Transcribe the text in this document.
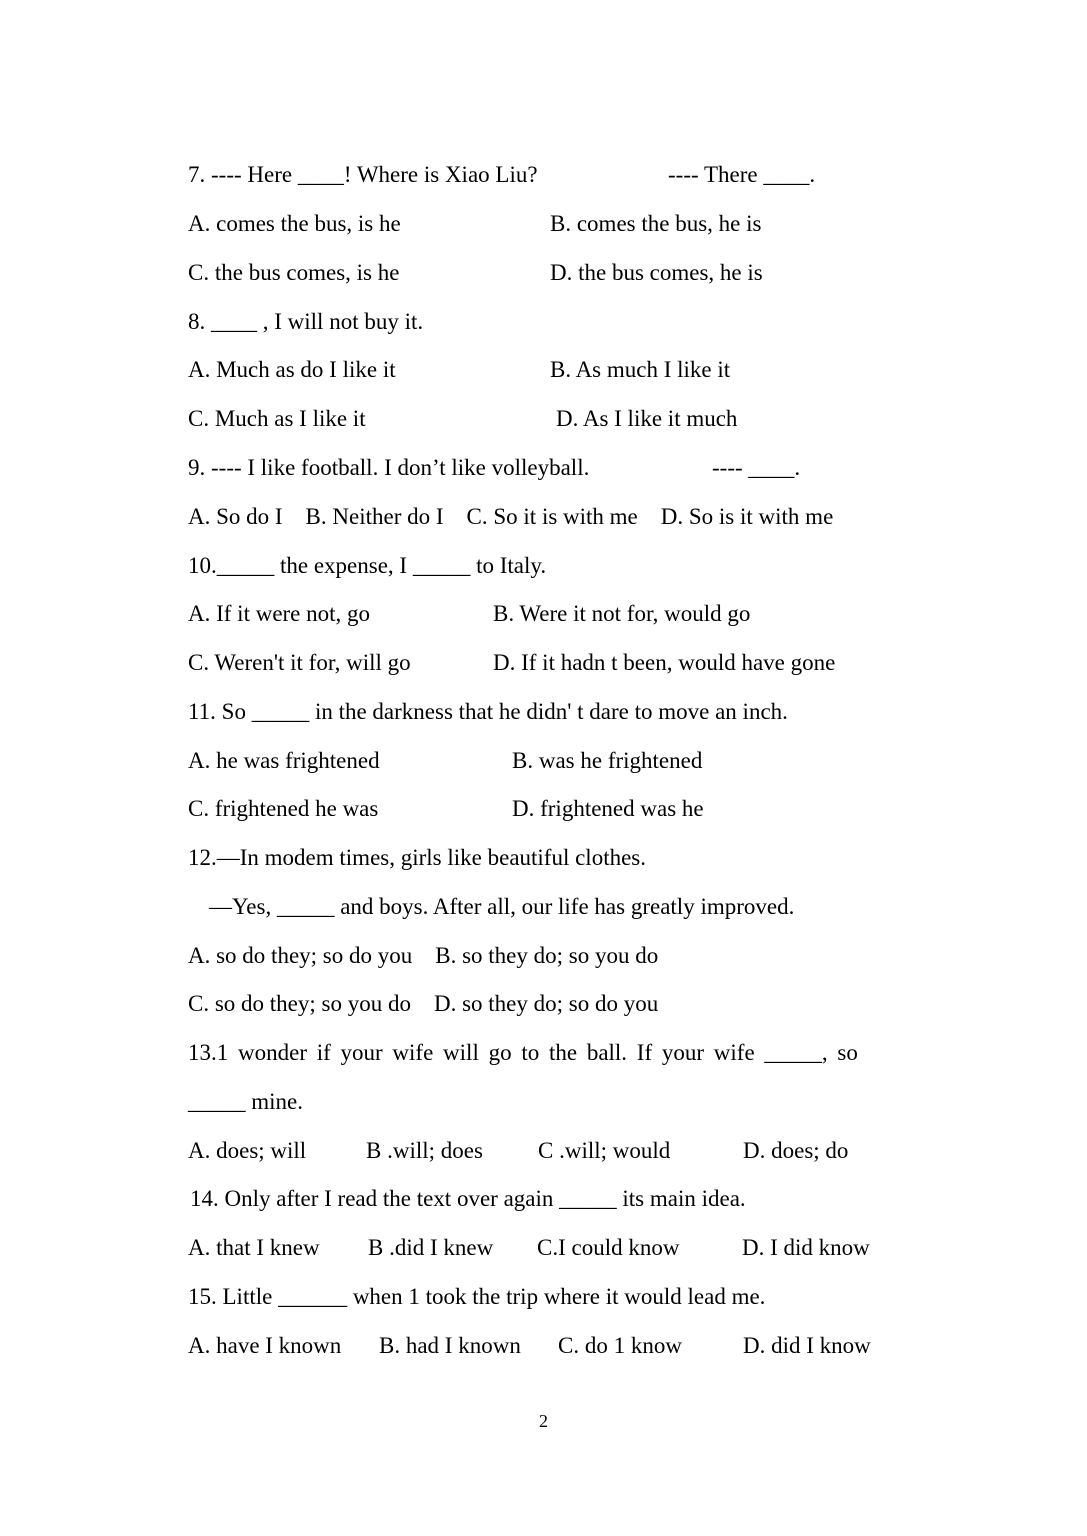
7. ---- Here ____! Where is Xiao Liu?	---- There ____.
A. comes the bus, is he	B. comes the bus, he is
C. the bus comes, is he	D. the bus comes, he is
8. ____ , I will not buy it.
A. Much as do I like it	B. As much I like it
C. Much as I like it	D. As I like it much
9. ---- I like football. I don’t like volleyball.	---- ____.
A. So do I    B. Neither do I    C. So it is with me    D. So is it with me
10._____ the expense, I _____ to Italy.
A. If it were not, go	B. Were it not for, would go
C. Weren't it for, will go	D. If it hadn t been, would have gone
11. So _____ in the darkness that he didn' t dare to move an inch.
A. he was frightened	B. was he frightened
C. frightened he was	D. frightened was he
12.—In modem times, girls like beautiful clothes.
—Yes, _____ and boys. After all, our life has greatly improved.
A. so do they; so do you    B. so they do; so you do
C. so do they; so you do    D. so they do; so do you
13.1 wonder if your wife will go to the ball. If your wife _____, so
_____ mine.
A. does; will	B .will; does C .will; would	D. does; do
14. Only after I read the text over again _____ its main idea.
A. that I knew B .did I knew C.I could know	D. I did know
15. Little ______ when 1 took the trip where it would lead me.
A. have I known B. had I known C. do 1 know	D. did I know
2
